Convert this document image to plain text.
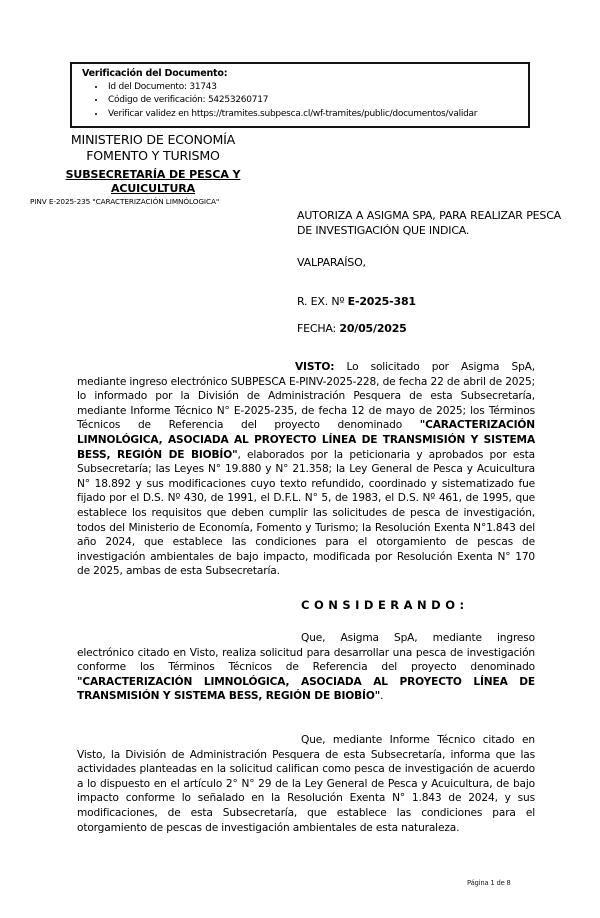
Verificación del Documento:
• Id del Documento: 31743
• Código de verificación: 54253260717
• Verificar validez en https://tramites.subpesca.cl/wf-tramites/public/documentos/validar
MINISTERIO DE ECONOMÍA
FOMENTO Y TURISMO
SUBSECRETARÍA DE PESCA Y ACUICULTURA
PINV E-2025-235 "CARACTERIZACIÓN LIMNÓLOGICA"
AUTORIZA A ASIGMA SPA, PARA REALIZAR PESCA DE INVESTIGACIÓN QUE INDICA.
VALPARAÍSO,
R. EX. Nº E-2025-381
FECHA: 20/05/2025
VISTO: Lo solicitado por Asigma SpA, mediante ingreso electrónico SUBPESCA E-PINV-2025-228, de fecha 22 de abril de 2025; lo informado por la División de Administración Pesquera de esta Subsecretaría, mediante Informe Técnico N° E-2025-235, de fecha 12 de mayo de 2025; los Términos Técnicos de Referencia del proyecto denominado "CARACTERIZACIÓN LIMNOLÓGICA, ASOCIADA AL PROYECTO LÍNEA DE TRANSMISIÓN Y SISTEMA BESS, REGIÓN DE BIOBÍO", elaborados por la peticionaria y aprobados por esta Subsecretaría; las Leyes N° 19.880 y N° 21.358; la Ley General de Pesca y Acuicultura N° 18.892 y sus modificaciones cuyo texto refundido, coordinado y sistematizado fue fijado por el D.S. Nº 430, de 1991, el D.F.L. N° 5, de 1983, el D.S. Nº 461, de 1995, que establece los requisitos que deben cumplir las solicitudes de pesca de investigación, todos del Ministerio de Economía, Fomento y Turismo; la Resolución Exenta N°1.843 del año 2024, que establece las condiciones para el otorgamiento de pescas de investigación ambientales de bajo impacto, modificada por Resolución Exenta N° 170 de 2025, ambas de esta Subsecretaría.
CONSIDERANDO:
Que, Asigma SpA, mediante ingreso electrónico citado en Visto, realiza solicitud para desarrollar una pesca de investigación conforme los Términos Técnicos de Referencia del proyecto denominado "CARACTERIZACIÓN LIMNOLÓGICA, ASOCIADA AL PROYECTO LÍNEA DE TRANSMISIÓN Y SISTEMA BESS, REGIÓN DE BIOBÍO".
Que, mediante Informe Técnico citado en Visto, la División de Administración Pesquera de esta Subsecretaría, informa que las actividades planteadas en la solicitud califican como pesca de investigación de acuerdo a lo dispuesto en el artículo 2° N° 29 de la Ley General de Pesca y Acuicultura, de bajo impacto conforme lo señalado en la Resolución Exenta N° 1.843 de 2024, y sus modificaciones, de esta Subsecretaría, que establece las condiciones para el otorgamiento de pescas de investigación ambientales de esta naturaleza.
Página 1 de 8
